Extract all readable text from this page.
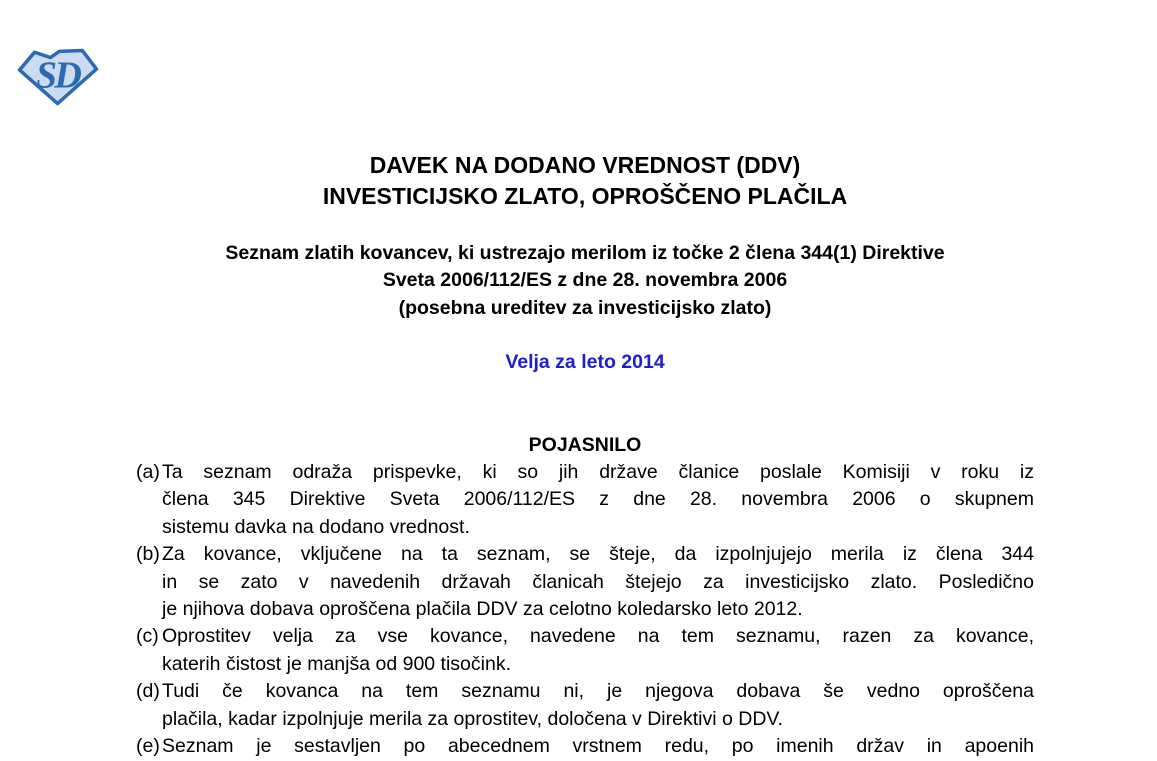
SD
DAVEK NA DODANO VREDNOST (DDV)
INVESTICIJSKO ZLATO, OPROŠČENO PLAČILA
Seznam zlatih kovancev, ki ustrezajo merilom iz točke 2 člena 344(1) Direktive
Sveta 2006/112/ES z dne 28. novembra 2006
(posebna ureditev za investicijsko zlato)
Velja za leto 2014
POJASNILO
(a) Ta seznam odraža prispevke, ki so jih države članice poslale Komisiji v roku iz
člena 345 Direktive Sveta 2006/112/ES z dne 28. novembra 2006 o skupnem
sistemu davka na dodano vrednost.
(b) Za kovance, vključene na ta seznam, se šteje, da izpolnjujejo merila iz člena 344
in se zato v navedenih državah članicah štejejo za investicijsko zlato. Posledično
je njihova dobava oproščena plačila DDV za celotno koledarsko leto 2012.
(c) Oprostitev velja za vse kovance, navedene na tem seznamu, razen za kovance,
katerih čistost je manjša od 900 tisočink.
(d) Tudi če kovanca na tem seznamu ni, je njegova dobava še vedno oproščena
plačila, kadar izpolnjuje merila za oprostitev, določena v Direktivi o DDV.
(e) Seznam je sestavljen po abecednem vrstnem redu, po imenih držav in apoenih
